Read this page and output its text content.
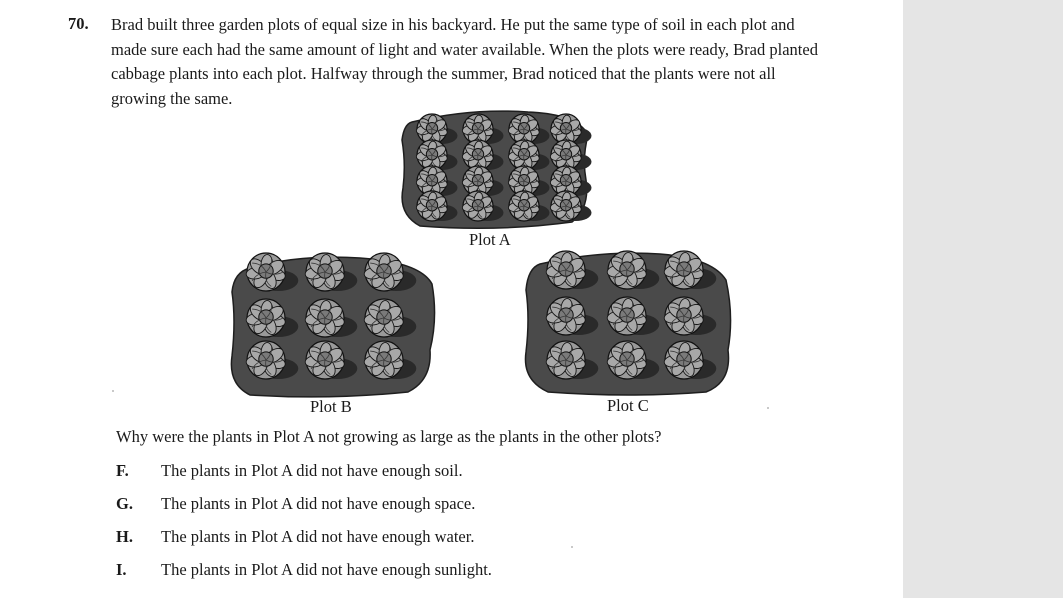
70. Brad built three garden plots of equal size in his backyard. He put the same type of soil in each plot and
made sure each had the same amount of light and water available. When the plots were ready, Brad planted
cabbage plants into each plot. Halfway through the summer, Brad noticed that the plants were not all
growing the same.
Plot A
Plot B	Plot C
Why were the plants in Plot A not growing as large as the plants in the other plots?
F. The plants in Plot A did not have enough soil.
G. The plants in Plot A did not have enough space.
H. The plants in Plot A did not have enough water.
I. The plants in Plot A did not have enough sunlight.
